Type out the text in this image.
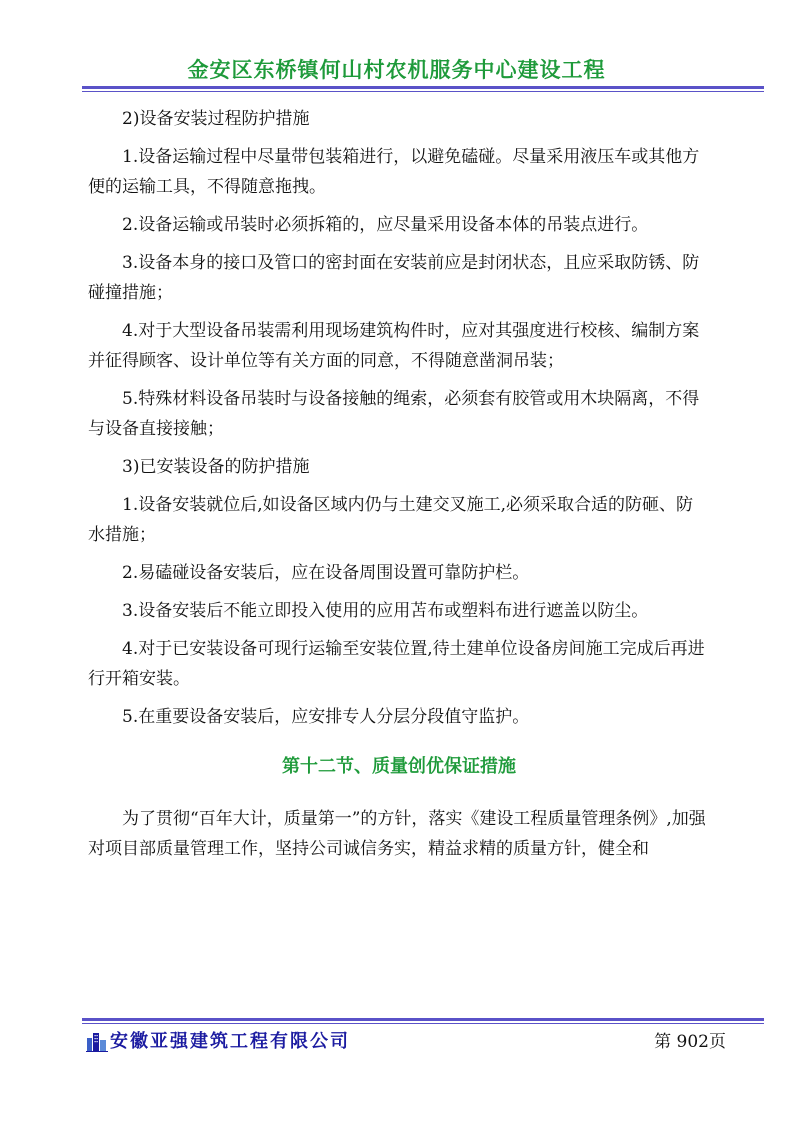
金安区东桥镇何山村农机服务中心建设工程

2)设备安装过程防护措施

1.设备运输过程中尽量带包装箱进行，以避免磕碰。尽量采用液压车或其他方便的运输工具，不得随意拖拽。

2.设备运输或吊装时必须拆箱的，应尽量采用设备本体的吊装点进行。

3.设备本身的接口及管口的密封面在安装前应是封闭状态，且应采取防锈、防碰撞措施；

4.对于大型设备吊装需利用现场建筑构件时，应对其强度进行校核、编制方案并征得顾客、设计单位等有关方面的同意，不得随意凿洞吊装；

5.特殊材料设备吊装时与设备接触的绳索，必须套有胶管或用木块隔离，不得与设备直接接触；

3)已安装设备的防护措施

1.设备安装就位后,如设备区域内仍与土建交叉施工,必须采取合适的防砸、防水措施；

2.易磕碰设备安装后，应在设备周围设置可靠防护栏。

3.设备安装后不能立即投入使用的应用苫布或塑料布进行遮盖以防尘。

4.对于已安装设备可现行运输至安装位置,待土建单位设备房间施工完成后再进行开箱安装。

5.在重要设备安装后，应安排专人分层分段值守监护。

第十二节、质量创优保证措施

为了贯彻“百年大计，质量第一”的方针，落实《建设工程质量管理条例》,加强对项目部质量管理工作，坚持公司诚信务实，精益求精的质量方针，健全和

安徽亚强建筑工程有限公司	第 902页
